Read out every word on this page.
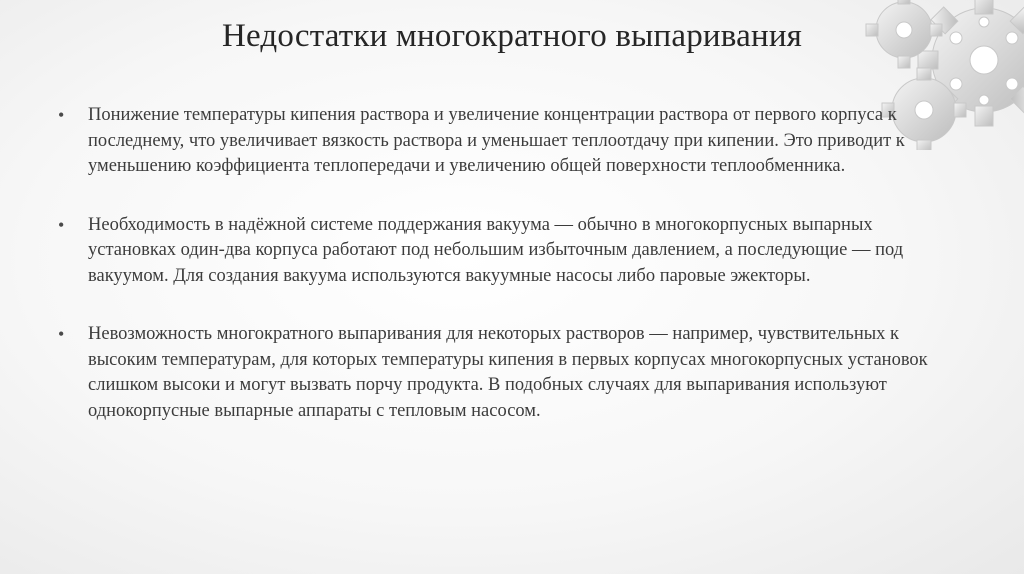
Недостатки многократного выпаривания
• Понижение температуры кипения раствора и увеличение концентрации раствора от первого корпуса к последнему, что увеличивает вязкость раствора и уменьшает теплоотдачу при кипении. Это приводит к уменьшению коэффициента теплопередачи и увеличению общей поверхности теплообменника.
• Необходимость в надёжной системе поддержания вакуума — обычно в многокорпусных выпарных установках один-два корпуса работают под небольшим избыточным давлением, а последующие — под вакуумом. Для создания вакуума используются вакуумные насосы либо паровые эжекторы.
• Невозможность многократного выпаривания для некоторых растворов — например, чувствительных к высоким температурам, для которых температуры кипения в первых корпусах многокорпусных установок слишком высоки и могут вызвать порчу продукта. В подобных случаях для выпаривания используют однокорпусные выпарные аппараты с тепловым насосом.
